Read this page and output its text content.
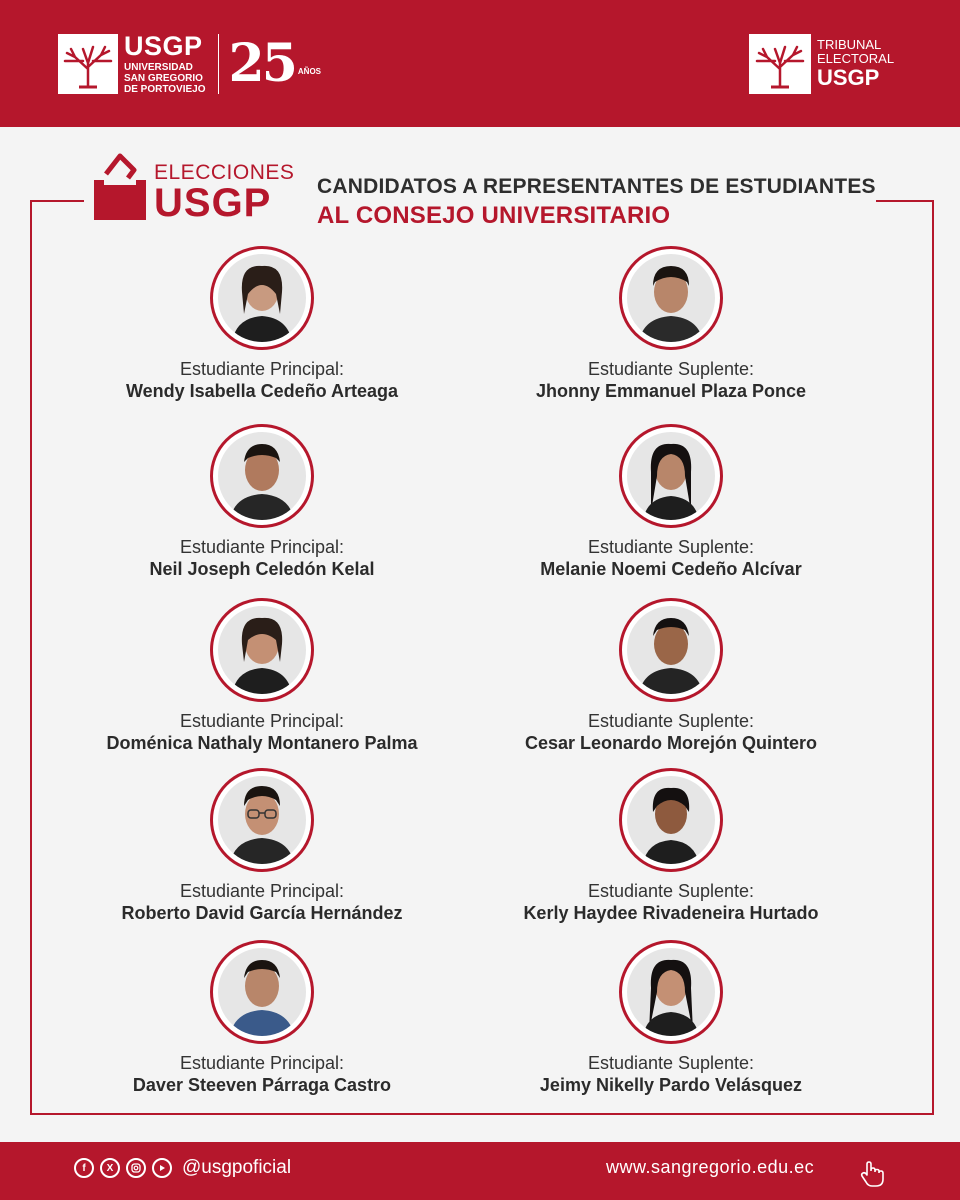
USGP
UNIVERSIDAD
SAN GREGORIO
DE PORTOVIEJO 25 AÑOS
TRIBUNAL
ELECTORAL
USGP
ELECCIONES
USGP	CANDIDATOS A REPRESENTANTES DE ESTUDIANTES
AL CONSEJO UNIVERSITARIO
Estudiante Principal:
Wendy Isabella Cedeño Arteaga
Estudiante Suplente:
Jhonny Emmanuel Plaza Ponce
Estudiante Principal:
Neil Joseph Celedón Kelal
Estudiante Suplente:
Melanie Noemi Cedeño Alcívar
Estudiante Principal:
Doménica Nathaly Montanero Palma
Estudiante Suplente:
Cesar Leonardo Morejón Quintero
Estudiante Principal:
Roberto David García Hernández
Estudiante Suplente:
Kerly Haydee Rivadeneira Hurtado
Estudiante Principal:
Daver Steeven Párraga Castro
Estudiante Suplente:
Jeimy Nikelly Pardo Velásquez
f	X	@usgpoficial	www.sangregorio.edu.ec
